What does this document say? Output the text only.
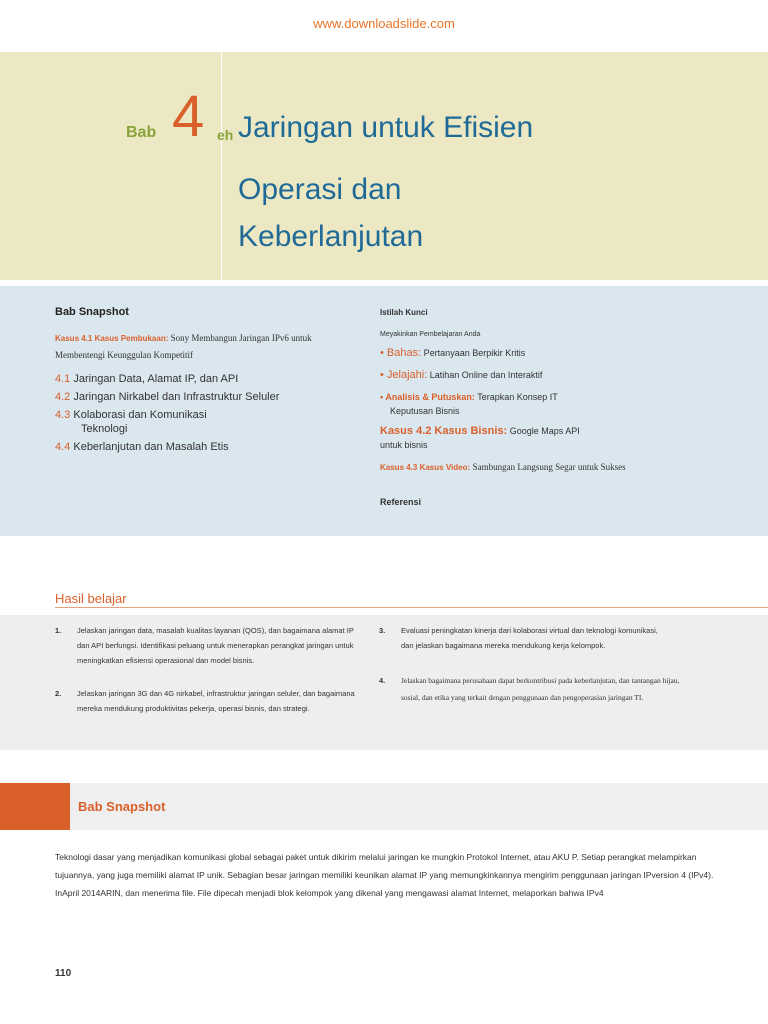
www.downloadslide.com
Bab 4 eh Jaringan untuk Efisien
Operasi dan
Keberlanjutan
Bab Snapshot
Kasus 4.1 Kasus Pembukaan: Sony Membangun Jaringan IPv6 untuk
Membentengi Keunggulan Kompetitif
4.1 Jaringan Data, Alamat IP, dan API
4.2 Jaringan Nirkabel dan Infrastruktur Seluler
4.3 Kolaborasi dan Komunikasi
Teknologi
4.4 Keberlanjutan dan Masalah Etis
Istilah Kunci
Meyakinkan Pembelajaran Anda
• Bahas: Pertanyaan Berpikir Kritis
• Jelajahi: Latihan Online dan Interaktif
• Analisis & Putuskan: Terapkan Konsep IT
Keputusan Bisnis
Kasus 4.2 Kasus Bisnis: Google Maps API
untuk bisnis
Kasus 4.3 Kasus Video: Sambungan Langsung Segar untuk Sukses
Referensi
Hasil belajar
1. Jelaskan jaringan data, masalah kualitas layanan (QOS), dan bagaimana alamat IP dan API berfungsi. Identifikasi peluang untuk menerapkan perangkat jaringan untuk meningkatkan efisiensi operasional dan model bisnis.
2. Jelaskan jaringan 3G dan 4G nirkabel, infrastruktur jaringan seluler, dan bagaimana mereka mendukung produktivitas pekerja, operasi bisnis, dan strategi.
3. Evaluasi peningkatan kinerja dari kolaborasi virtual dan teknologi komunikasi, dan jelaskan bagaimana mereka mendukung kerja kelompok.
4. Jelaskan bagaimana perusahaan dapat berkontribusi pada keberlanjutan, dan tantangan hijau, sosial, dan etika yang terkait dengan penggunaan dan pengoperasian jaringan TI.
Bab Snapshot
Teknologi dasar yang menjadikan komunikasi global sebagai paket untuk dikirim melalui jaringan ke mungkin Protokol Internet, atau AKU P. Setiap perangkat melampirkan tujuannya, yang juga memiliki alamat IP unik. Sebagian besar jaringan memiliki keunikan alamat IP yang memungkinkannya mengirim penggunaan jaringan IPversion 4 (IPv4). InApril 2014ARIN, dan menerima file. File dipecah menjadi blok kelompok yang dikenal yang mengawasi alamat Internet, melaporkan bahwa IPv4
110
